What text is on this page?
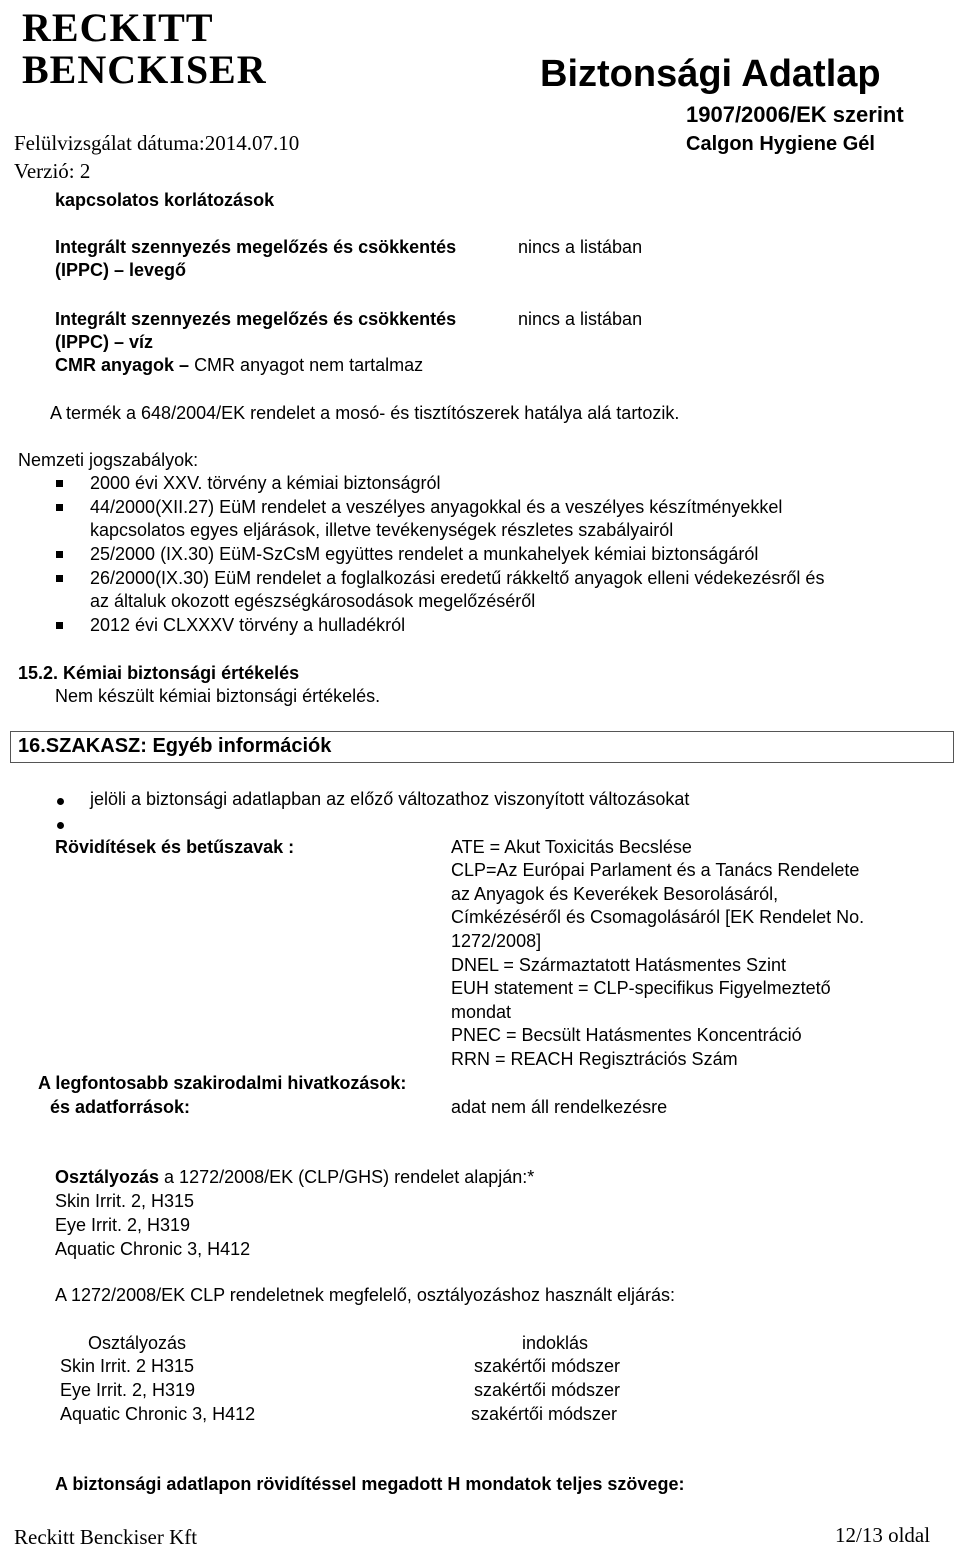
RECKITT
BENCKISER	Biztonsági Adatlap
1907/2006/EK szerint
Calgon Hygiene Gél
Felülvizsgálat dátuma:2014.07.10
Verzió: 2
kapcsolatos korlátozások
Integrált szennyezés megelőzés és csökkentés	nincs a listában
(IPPC) – levegő
Integrált szennyezés megelőzés és csökkentés	nincs a listában
(IPPC) – víz
CMR anyagok – CMR anyagot nem tartalmaz
A termék a 648/2004/EK rendelet a mosó- és tisztítószerek hatálya alá tartozik.
Nemzeti jogszabályok:
2000 évi XXV. törvény a kémiai biztonságról
44/2000(XII.27) EüM rendelet a veszélyes anyagokkal és a veszélyes készítményekkel
kapcsolatos egyes eljárások, illetve tevékenységek részletes szabályairól
25/2000 (IX.30) EüM-SzCsM együttes rendelet a munkahelyek kémiai biztonságáról
26/2000(IX.30) EüM rendelet a foglalkozási eredetű rákkeltő anyagok elleni védekezésről és
az általuk okozott egészségkárosodások megelőzéséről
2012 évi CLXXXV törvény a hulladékról
15.2. Kémiai biztonsági értékelés
Nem készült kémiai biztonsági értékelés.
16.SZAKASZ: Egyéb információk
jelöli a biztonsági adatlapban az előző változathoz viszonyított változásokat
Rövidítések és betűszavak :	ATE = Akut Toxicitás Becslése
CLP=Az Európai Parlament és a Tanács Rendelete
az Anyagok és Keverékek Besorolásáról,
Címkézéséről és Csomagolásáról [EK Rendelet No.
1272/2008]
DNEL = Származtatott Hatásmentes Szint
EUH statement = CLP-specifikus Figyelmeztető
mondat
PNEC = Becsült Hatásmentes Koncentráció
RRN = REACH Regisztrációs Szám
A legfontosabb szakirodalmi hivatkozások:
és adatforrások:	adat nem áll rendelkezésre
Osztályozás a 1272/2008/EK (CLP/GHS) rendelet alapján:*
Skin Irrit. 2, H315
Eye Irrit. 2, H319
Aquatic Chronic 3, H412
A 1272/2008/EK CLP rendeletnek megfelelő, osztályozáshoz használt eljárás:
Osztályozás	indoklás
Skin Irrit. 2 H315	szakértői módszer
Eye Irrit. 2, H319	szakértői módszer
Aquatic Chronic 3, H412	szakértői módszer
A biztonsági adatlapon rövidítéssel megadott H mondatok teljes szövege:
Reckitt Benckiser Kft	12/13 oldal
